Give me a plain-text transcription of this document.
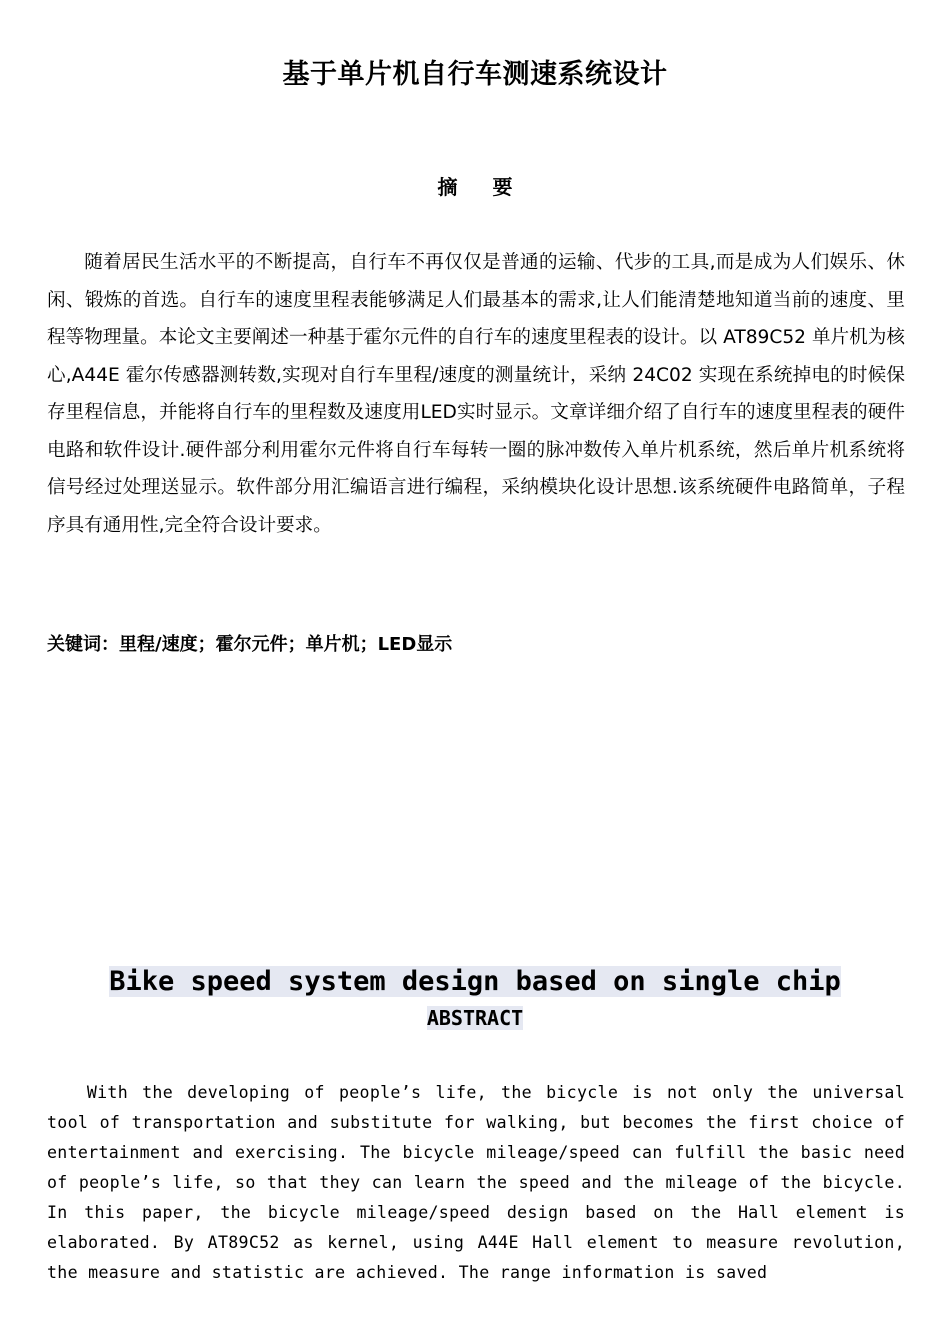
基于单片机自行车测速系统设计
摘 要

随着居民生活水平的不断提高，自行车不再仅仅是普通的运输、代步的工具,而是成为人们娱乐、休闲、锻炼的首选。自行车的速度里程表能够满足人们最基本的需求,让人们能清楚地知道当前的速度、里程等物理量。本论文主要阐述一种基于霍尔元件的自行车的速度里程表的设计。以 AT89C52 单片机为核心,A44E 霍尔传感器测转数,实现对自行车里程/速度的测量统计，采纳 24C02 实现在系统掉电的时候保存里程信息，并能将自行车的里程数及速度用LED实时显示。文章详细介绍了自行车的速度里程表的硬件电路和软件设计.硬件部分利用霍尔元件将自行车每转一圈的脉冲数传入单片机系统，然后单片机系统将信号经过处理送显示。软件部分用汇编语言进行编程，采纳模块化设计思想.该系统硬件电路简单，子程序具有通用性,完全符合设计要求。

关键词：里程/速度；霍尔元件；单片机；LED显示

Bike speed system design based on single chip
ABSTRACT

With the developing of people’s life, the bicycle is not only the universal tool of transportation and substitute for walking, but becomes the first choice of entertainment and exercising. The bicycle mileage/speed can fulfill the basic need of people’s life, so that they can learn the speed and the mileage of the bicycle. In this paper, the bicycle mileage/speed design based on the Hall element is elaborated. By AT89C52 as kernel, using A44E Hall element to measure revolution, the measure and statistic are achieved. The range information is saved
